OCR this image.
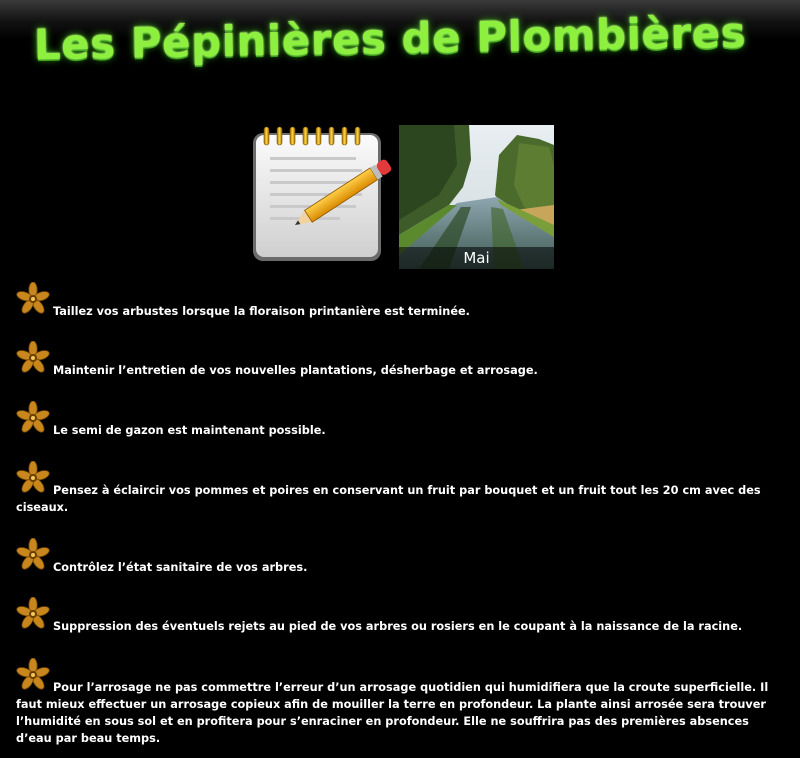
Les Pépinières de Plombières
Mai

Taillez vos arbustes lorsque la floraison printanière est terminée.

Maintenir l’entretien de vos nouvelles plantations, désherbage et arrosage.

Le semi de gazon est maintenant possible.

Pensez à éclaircir vos pommes et poires en conservant un fruit par bouquet et un fruit tout les 20 cm avec des ciseaux.

Contrôlez l’état sanitaire de vos arbres.

Suppression des éventuels rejets au pied de vos arbres ou rosiers en le coupant à la naissance de la racine.

Pour l’arrosage ne pas commettre l’erreur d’un arrosage quotidien qui humidifiera que la croute superficielle. Il faut mieux effectuer un arrosage copieux afin de mouiller la terre en profondeur. La plante ainsi arrosée sera trouver l’humidité en sous sol et en profitera pour s’enraciner en profondeur. Elle ne souffrira pas des premières absences d’eau par beau temps.
